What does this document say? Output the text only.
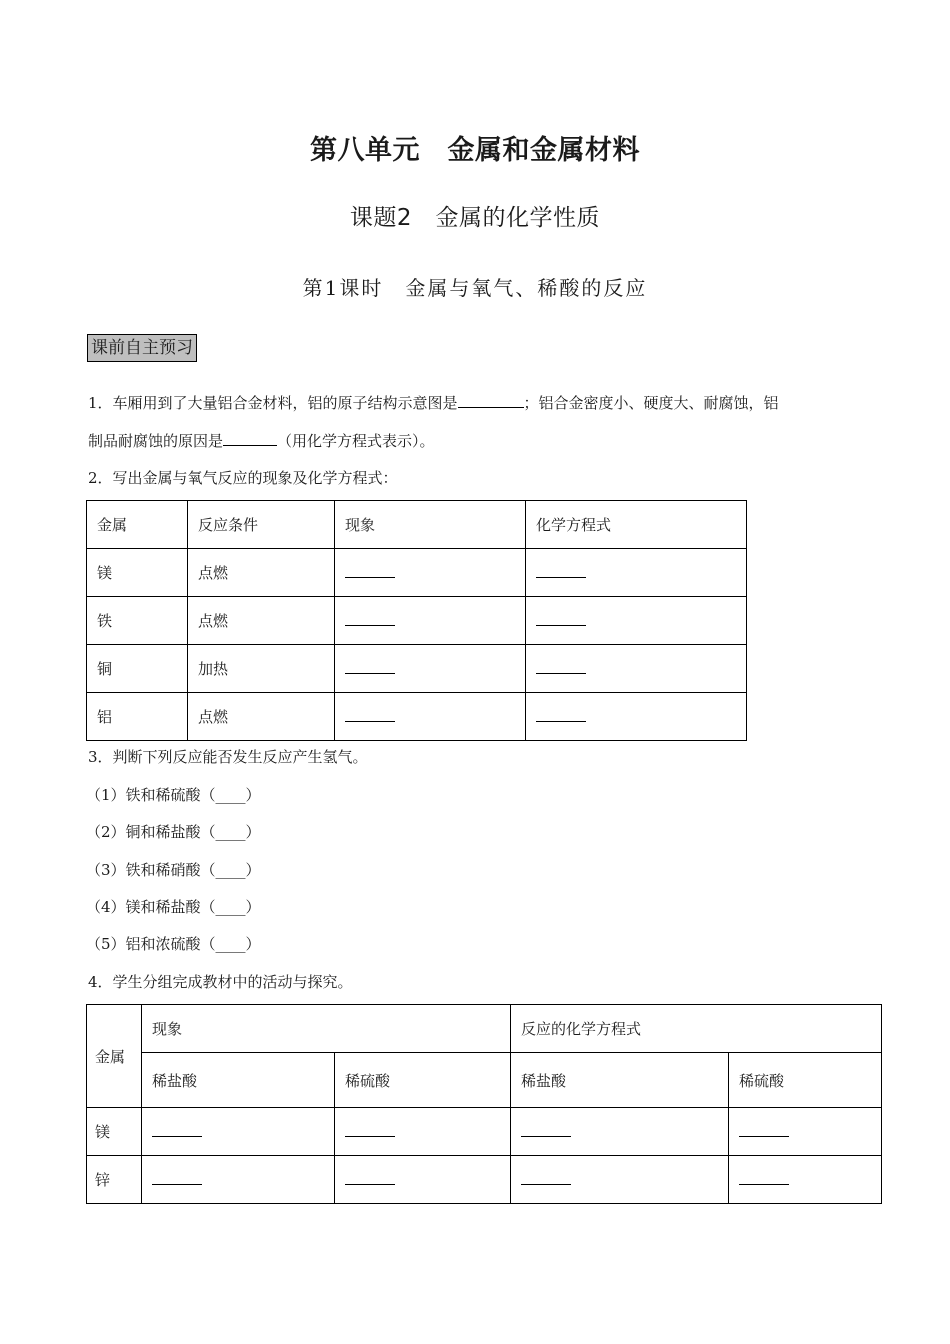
第八单元　金属和金属材料
课题2　金属的化学性质
第1课时　金属与氧气、稀酸的反应
课前自主预习
1．车厢用到了大量铝合金材料，铝的原子结构示意图是	；铝合金密度小、硬度大、耐腐蚀，铝
制品耐腐蚀的原因是	（用化学方程式表示）。
2．写出金属与氧气反应的现象及化学方程式：
金属	反应条件	现象	化学方程式
镁	点燃		
铁	点燃		
铜	加热		
铝	点燃		
3．判断下列反应能否发生反应产生氢气。
（1）铁和稀硫酸（____）
（2）铜和稀盐酸（____）
（3）铁和稀硝酸（____）
（4）镁和稀盐酸（____）
（5）铝和浓硫酸（____）
4．学生分组完成教材中的活动与探究。
金属	现象		反应的化学方程式	
	稀盐酸	稀硫酸	稀盐酸	稀硫酸
镁				
锌				
